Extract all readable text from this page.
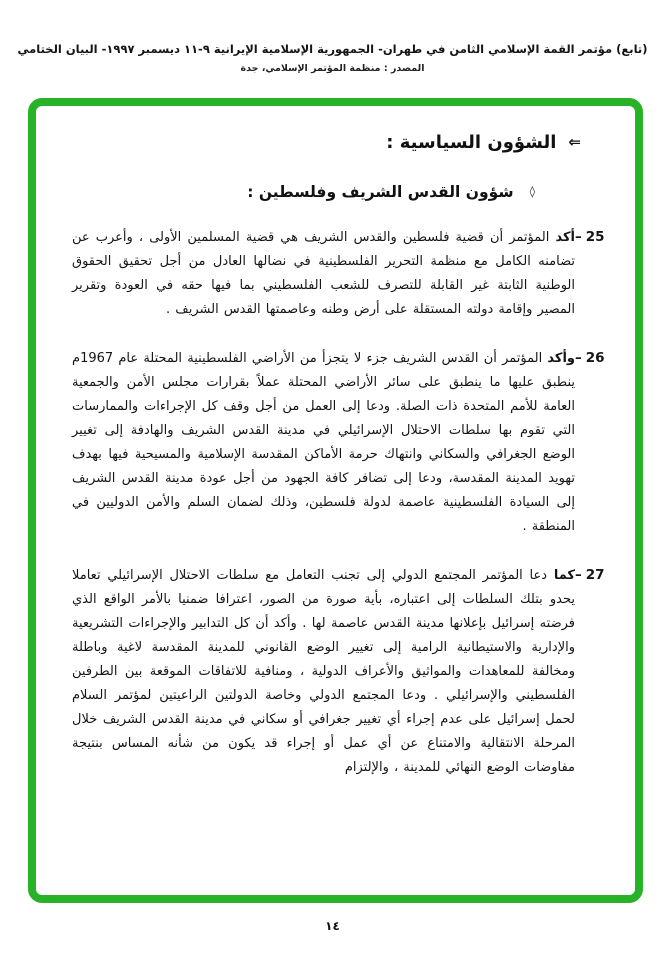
(تابع) مؤتمر القمة الإسلامي الثامن في طهران- الجمهورية الإسلامية الإيرانية ٩-١١ ديسمبر ١٩٩٧- البيان الختامي
المصدر : منظمة المؤتمر الإسلامي، جدة
⇐الشؤون السياسية :
◊شؤون القدس الشريف وفلسطين :
– 25
أكد المؤتمر أن قضية فلسطين والقدس الشريف هي قضية المسلمين الأولى ، وأعرب عن تضامنه الكامل مع منظمة التحرير الفلسطينية في نضالها العادل من أجل تحقيق الحقوق الوطنية الثابتة غير القابلة للتصرف للشعب الفلسطيني بما فيها حقه في العودة وتقرير المصير وإقامة دولته المستقلة على أرض وطنه وعاصمتها القدس الشريف .
– 26
وأكد المؤتمر أن القدس الشريف جزء لا يتجزأ من الأراضي الفلسطينية المحتلة عام 1967م ينطبق عليها ما ينطبق على سائر الأراضي المحتلة عملاً بقرارات مجلس الأمن والجمعية العامة للأمم المتحدة ذات الصلة. ودعا إلى العمل من أجل وقف كل الإجراءات والممارسات التي تقوم بها سلطات الاحتلال الإسرائيلي في مدينة القدس الشريف والهادفة إلى تغيير الوضع الجغرافي والسكاني وانتهاك حرمة الأماكن المقدسة الإسلامية والمسيحية فيها بهدف تهويد المدينة المقدسة، ودعا إلى تضافر كافة الجهود من أجل عودة مدينة القدس الشريف إلى السيادة الفلسطينية عاصمة لدولة فلسطين، وذلك لضمان السلم والأمن الدوليين في المنطقة .
– 27
كما دعا المؤتمر المجتمع الدولي إلى تجنب التعامل مع سلطات الاحتلال الإسرائيلي تعاملا يحدو بتلك السلطات إلى اعتباره، بأية صورة من الصور، اعترافا ضمنيا بالأمر الواقع الذي فرضته إسرائيل بإعلانها مدينة القدس عاصمة لها . وأكد أن كل التدابير والإجراءات التشريعية والإدارية والاستيطانية الرامية إلى تغيير الوضع القانوني للمدينة المقدسة لاغية وباطلة ومخالفة للمعاهدات والمواثيق والأعراف الدولية ، ومنافية للاتفاقات الموقعة بين الطرفين الفلسطيني والإسرائيلي . ودعا المجتمع الدولي وخاصة الدولتين الراعيتين لمؤتمر السلام لحمل إسرائيل على عدم إجراء أي تغيير جغرافي أو سكاني في مدينة القدس الشريف خلال المرحلة الانتقالية والامتناع عن أي عمل أو إجراء قد يكون من شأنه المساس بنتيجة مفاوضات الوضع النهائي للمدينة ، والإلتزام
١٤
